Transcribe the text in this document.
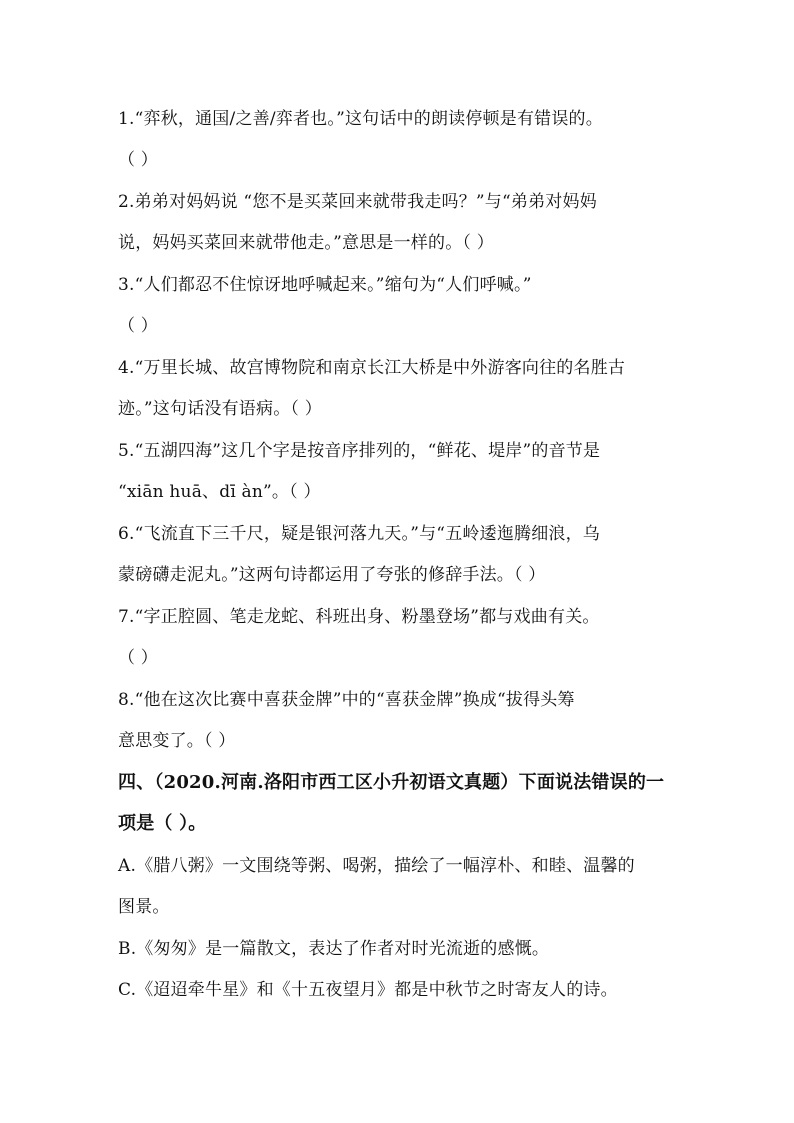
1.“弈秋，通国/之善/弈者也。”这句话中的朗读停顿是有错误的。
（ ）
2.弟弟对妈妈说 “您不是买菜回来就带我走吗？”与“弟弟对妈妈
说，妈妈买菜回来就带他走。”意思是一样的。（ ）
3.“人们都忍不住惊讶地呼喊起来。”缩句为“人们呼喊。”
（ ）
4.“万里长城、故宫博物院和南京长江大桥是中外游客向往的名胜古
迹。”这句话没有语病。（ ）
5.“五湖四海”这几个字是按音序排列的，“鲜花、堤岸”的音节是
“xiān huā、dī àn”。（ ）
6.“飞流直下三千尺，疑是银河落九天。”与“五岭逶迤腾细浪，乌
蒙磅礴走泥丸。”这两句诗都运用了夸张的修辞手法。（ ）
7.“字正腔圆、笔走龙蛇、科班出身、粉墨登场”都与戏曲有关。
（ ）
8.“他在这次比赛中喜获金牌”中的“喜获金牌”换成“拔得头筹
意思变了。（ ）
四、（2020.河南.洛阳市西工区小升初语文真题）下面说法错误的一
项是（ ）。
A.《腊八粥》一文围绕等粥、喝粥，描绘了一幅淳朴、和睦、温馨的
图景。
B.《匆匆》是一篇散文，表达了作者对时光流逝的感慨。
C.《迢迢牵牛星》和《十五夜望月》都是中秋节之时寄友人的诗。
